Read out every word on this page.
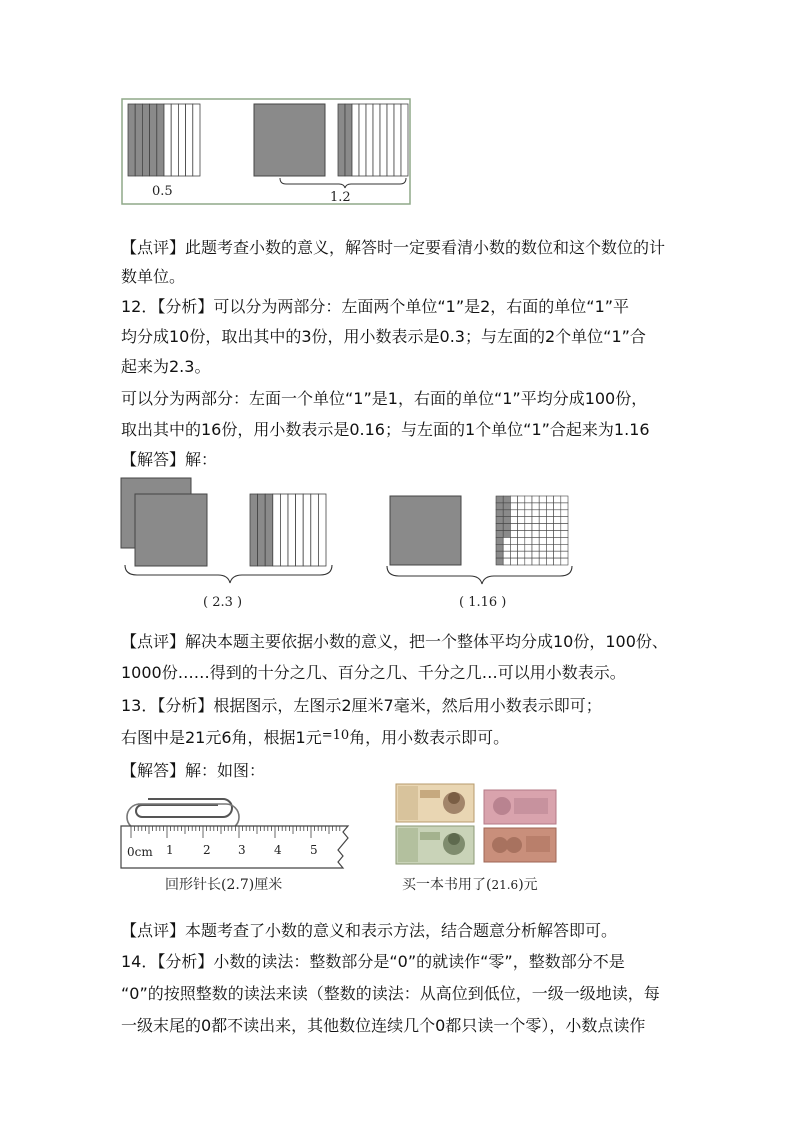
0.5	1.2
【点评】此题考查小数的意义，解答时一定要看清小数的数位和这个数位的计
数单位。
12．【分析】可以分为两部分：左面两个单位“1”是2，右面的单位“1”平
均分成10份，取出其中的3份，用小数表示是0.3；与左面的2个单位“1”合
起来为2.3。
可以分为两部分：左面一个单位“1”是1，右面的单位“1”平均分成100份，
取出其中的16份，用小数表示是0.16；与左面的1个单位“1”合起来为1.16
【解答】解：
( 2.3 )	( 1.16 )
【点评】解决本题主要依据小数的意义，把一个整体平均分成10份，100份、
1000份……得到的十分之几、百分之几、千分之几…可以用小数表示。
13．【分析】根据图示，左图示2厘米7毫米，然后用小数表示即可；
右图中是21元6角，根据1元$^{=10}$角，用小数表示即可。
【解答】解：如图：
0cm 1 2 3 4 5
回形针长(2.7)厘米	买一本书用了(21.6)元
【点评】本题考查了小数的意义和表示方法，结合题意分析解答即可。
14．【分析】小数的读法：整数部分是“0”的就读作“零”，整数部分不是
“0”的按照整数的读法来读（整数的读法：从高位到低位，一级一级地读，每
一级末尾的0都不读出来，其他数位连续几个0都只读一个零），小数点读作
